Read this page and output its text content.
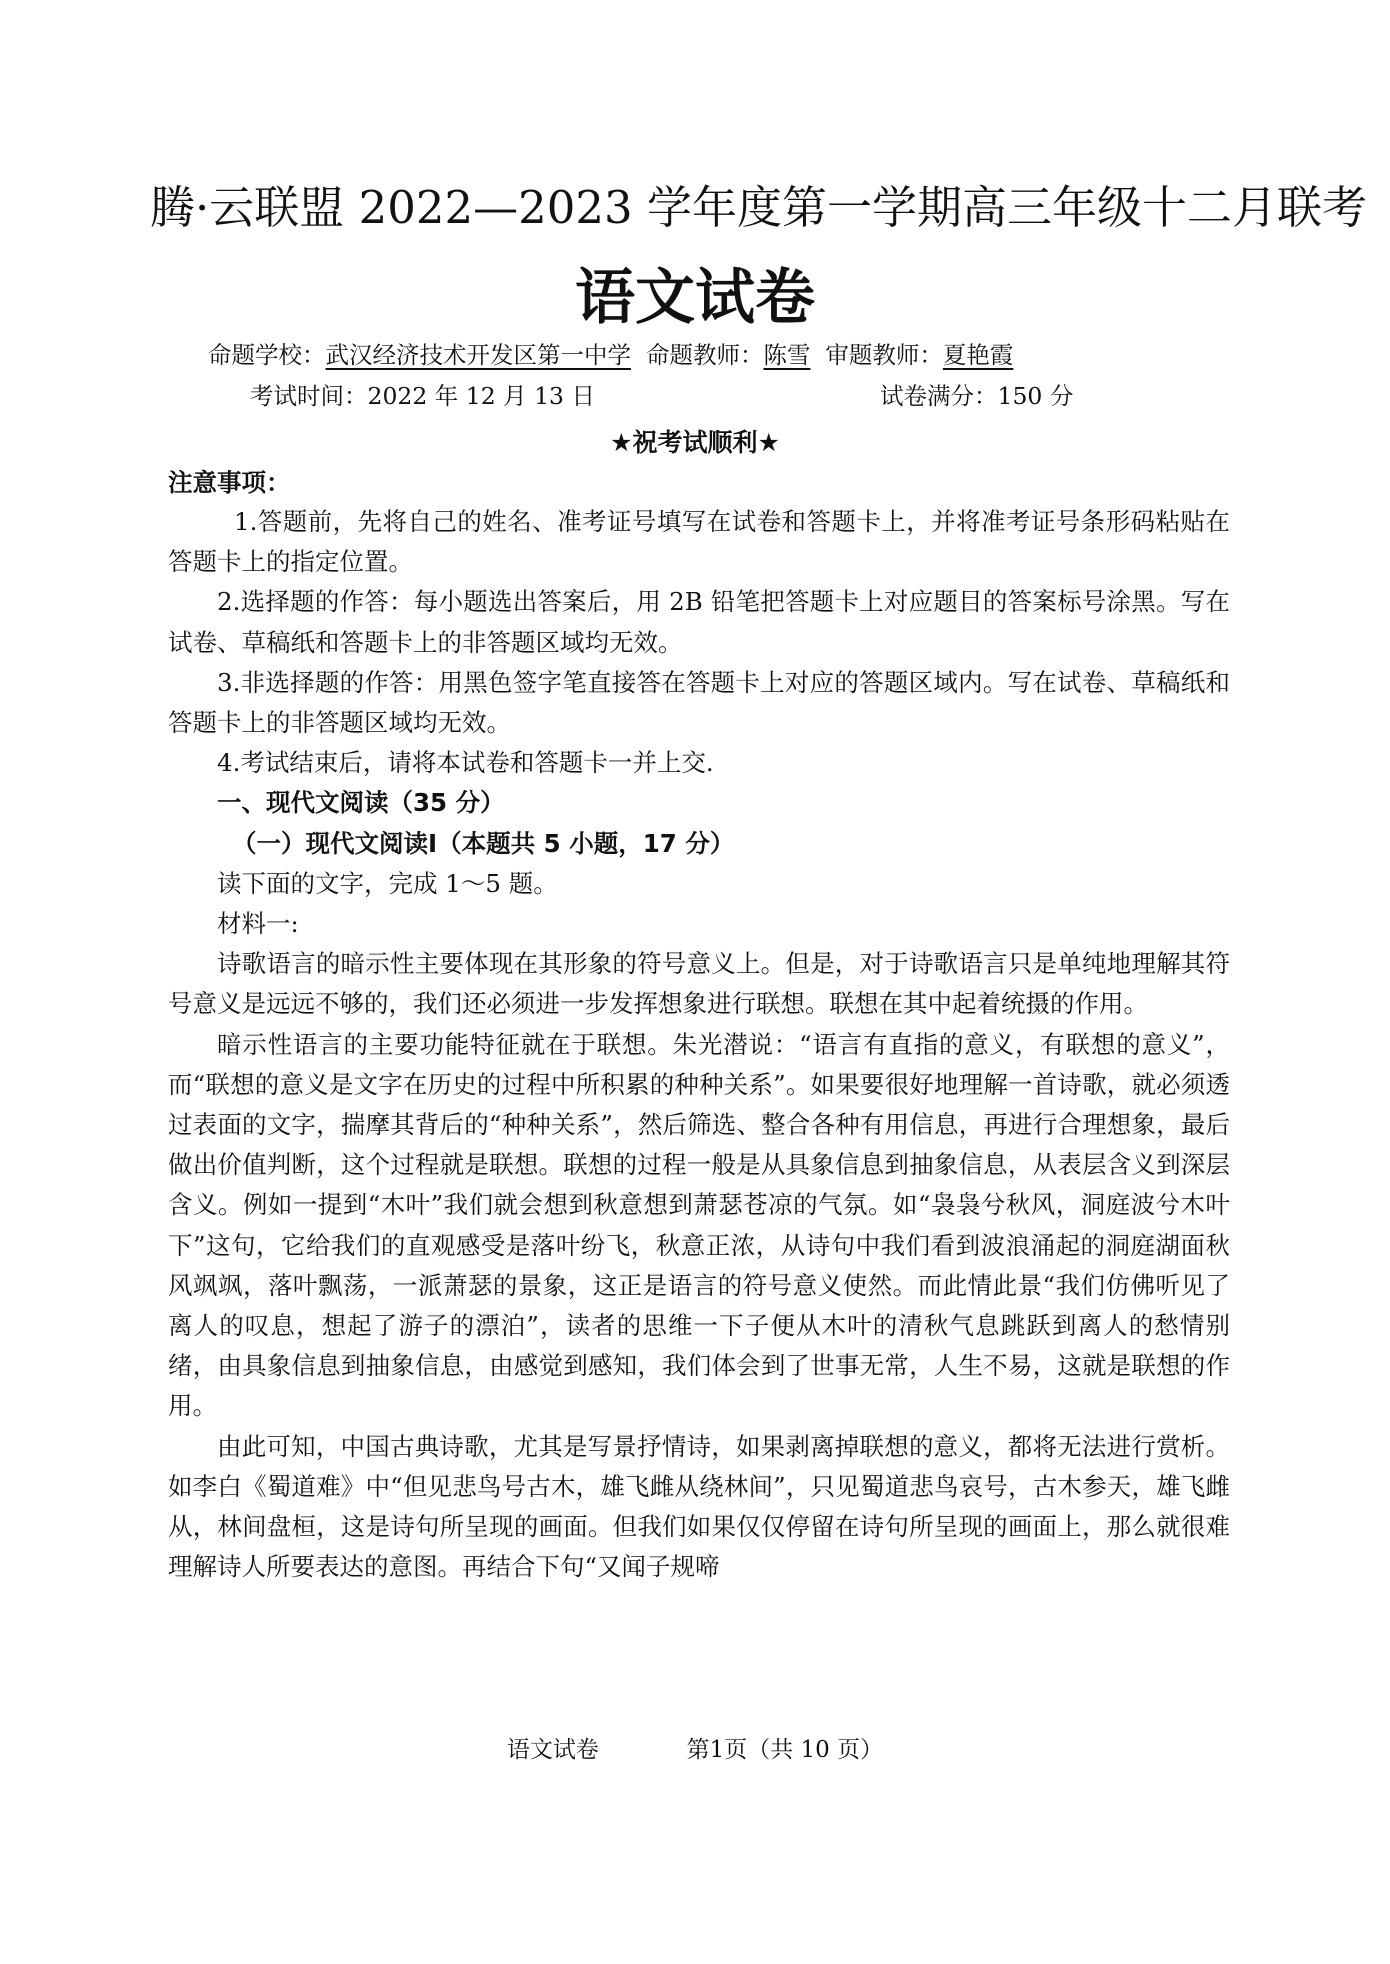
腾·云联盟 2022—2023 学年度第一学期高三年级十二月联考
语文试卷
命题学校：武汉经济技术开发区第一中学 命题教师：陈雪 审题教师：夏艳霞
考试时间：2022 年 12 月 13 日	试卷满分：150 分
★祝考试顺利★
注意事项：

1.答题前，先将自己的姓名、准考证号填写在试卷和答题卡上，并将准考证号条形码粘贴在答题卡上的指定位置。

2.选择题的作答：每小题选出答案后，用 2B 铅笔把答题卡上对应题目的答案标号涂黑。写在试卷、草稿纸和答题卡上的非答题区域均无效。

3.非选择题的作答：用黑色签字笔直接答在答题卡上对应的答题区域内。写在试卷、草稿纸和答题卡上的非答题区域均无效。

4.考试结束后，请将本试卷和答题卡一并上交.

一、现代文阅读（35 分）

（一）现代文阅读Ⅰ（本题共 5 小题，17 分）

读下面的文字，完成 1～5 题。

材料一:

诗歌语言的暗示性主要体现在其形象的符号意义上。但是，对于诗歌语言只是单纯地理解其符号意义是远远不够的，我们还必须进一步发挥想象进行联想。联想在其中起着统摄的作用。

暗示性语言的主要功能特征就在于联想。朱光潜说：“语言有直指的意义，有联想的意义”，而“联想的意义是文字在历史的过程中所积累的种种关系”。如果要很好地理解一首诗歌，就必须透过表面的文字，揣摩其背后的“种种关系”，然后筛选、整合各种有用信息，再进行合理想象，最后做出价值判断，这个过程就是联想。联想的过程一般是从具象信息到抽象信息，从表层含义到深层含义。例如一提到“木叶”我们就会想到秋意想到萧瑟苍凉的气氛。如“袅袅兮秋风，洞庭波兮木叶下”这句，它给我们的直观感受是落叶纷飞，秋意正浓，从诗句中我们看到波浪涌起的洞庭湖面秋风飒飒，落叶飘荡，一派萧瑟的景象，这正是语言的符号意义使然。而此情此景“我们仿佛听见了离人的叹息，想起了游子的漂泊”，读者的思维一下子便从木叶的清秋气息跳跃到离人的愁情别绪，由具象信息到抽象信息，由感觉到感知，我们体会到了世事无常，人生不易，这就是联想的作用。

由此可知，中国古典诗歌，尤其是写景抒情诗，如果剥离掉联想的意义，都将无法进行赏析。如李白《蜀道难》中“但见悲鸟号古木，雄飞雌从绕林间”，只见蜀道悲鸟哀号，古木参天，雄飞雌从，林间盘桓，这是诗句所呈现的画面。但我们如果仅仅停留在诗句所呈现的画面上，那么就很难理解诗人所要表达的意图。再结合下句“又闻子规啼

语文试卷	第1页（共 10 页）
